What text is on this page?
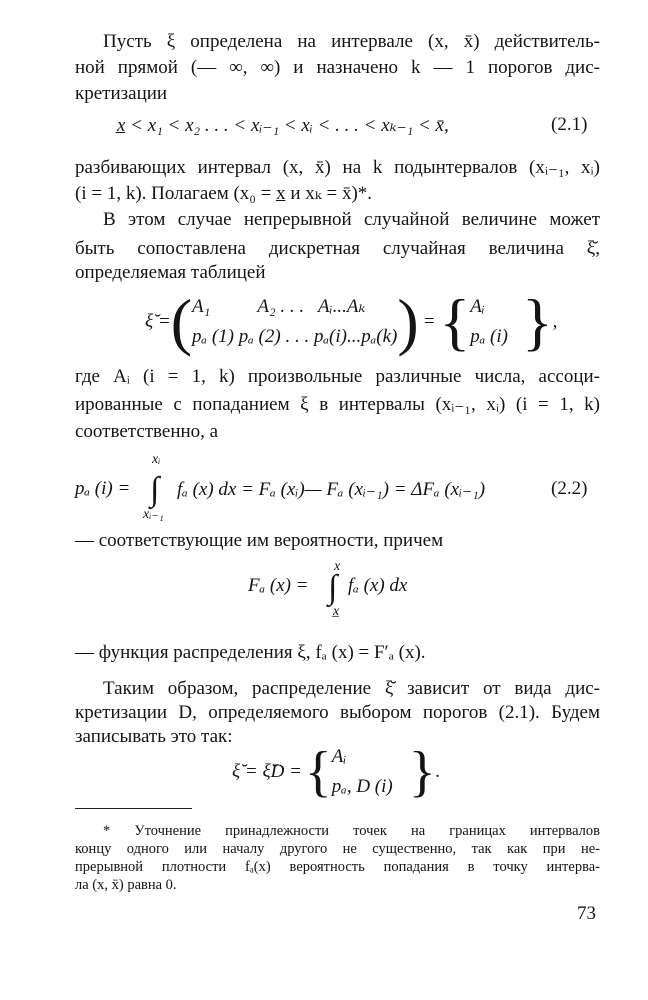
Пусть ξ определена на интервале (x, x̄) действитель-
ной прямой (— ∞, ∞) и назначено k — 1 порогов дис-
кретизации
x̲ < x₁ < x₂ . . . < xᵢ₋₁ < xᵢ < . . . < xₖ₋₁ < x̄,	(2.1)
разбивающих интервал (x, x̄) на k подынтервалов (xᵢ₋₁, xᵢ)
(i = 1, k). Полагаем (x₀ = x̲ и xₖ = x̄)*.
В этом случае непрерывной случайной величине может
быть сопоставлена дискретная случайная величина ξ̆,
определяемая таблицей
ξ̆ = ( A₁          A₂ . . .   Aᵢ...Aₖ
pₐ (1) pₐ (2) . . . pₐ(i)...pₐ(k) ) = { Aᵢ
pₐ (i) } ,
где Aᵢ (i = 1, k) произвольные различные числа, ассоци-
ированные с попаданием ξ в интервалы (xᵢ₋₁, xᵢ) (i = 1, k)
соответственно, а
pₐ (i) =
xᵢ
∫
xᵢ₋₁
fₐ (x) dx = Fₐ (xᵢ)— Fₐ (xᵢ₋₁) = ΔFₐ (xᵢ₋₁)	(2.2)
— соответствующие им вероятности, причем
Fₐ (x) =
x
∫
x̲
fₐ (x) dx
— функция распределения ξ, fₐ (x) = F′ₐ (x).
Таким образом, распределение ξ̆ зависит от вида дис-
кретизации D, определяемого выбором порогов (2.1). Будем
записывать это так:
ξ̆ = ξ̆D = { Aᵢ
pₐ, D (i) } .
* Уточнение принадлежности точек на границах интервалов
концу одного или началу другого не существенно, так как при не-
прерывной плотности fₐ(x) вероятность попадания в точку интерва-
ла (x, x̄) равна 0.
73
